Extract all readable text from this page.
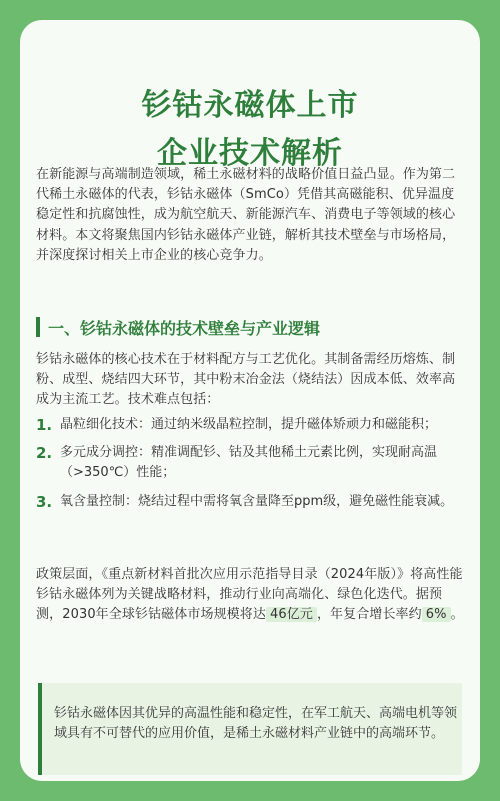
钐钴永磁体上市
企业技术解析

在新能源与高端制造领域，稀土永磁材料的战略价值日益凸显。作为第二代稀土永磁体的代表，钐钴永磁体（SmCo）凭借其高磁能积、优异温度稳定性和抗腐蚀性，成为航空航天、新能源汽车、消费电子等领域的核心材料。本文将聚焦国内钐钴永磁体产业链，解析其技术壁垒与市场格局，并深度探讨相关上市企业的核心竞争力。

一、钐钴永磁体的技术壁垒与产业逻辑

钐钴永磁体的核心技术在于材料配方与工艺优化。其制备需经历熔炼、制粉、成型、烧结四大环节，其中粉末冶金法（烧结法）因成本低、效率高成为主流工艺。技术难点包括：

1. 晶粒细化技术：通过纳米级晶粒控制，提升磁体矫顽力和磁能积；
2. 多元成分调控：精准调配钐、钴及其他稀土元素比例，实现耐高温（>350℃）性能；
3. 氧含量控制：烧结过程中需将氧含量降至ppm级，避免磁性能衰减。

政策层面，《重点新材料首批次应用示范指导目录（2024年版）》将高性能钐钴永磁体列为关键战略材料，推动行业向高端化、绿色化迭代。据预测，2030年全球钐钴磁体市场规模将达 46亿元 ，年复合增长率约 6% 。

钐钴永磁体因其优异的高温性能和稳定性，在军工航天、高端电机等领域具有不可替代的应用价值，是稀土永磁材料产业链中的高端环节。
